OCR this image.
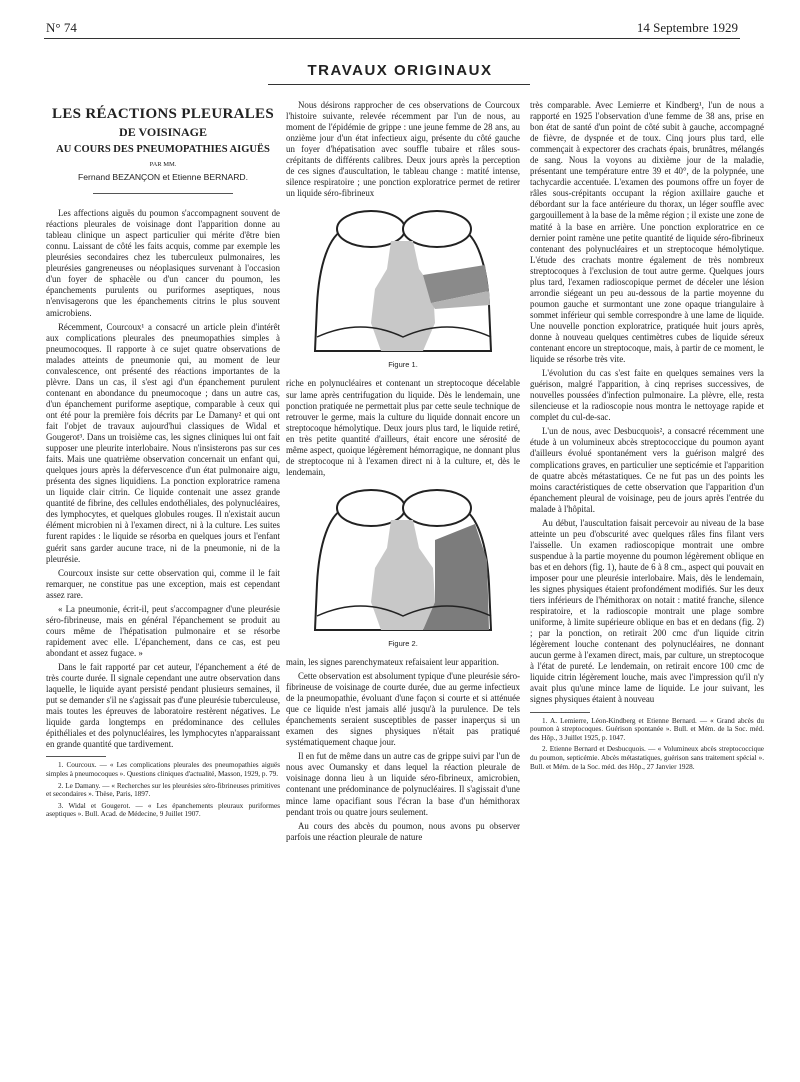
N° 74	14 Septembre 1929
TRAVAUX ORIGINAUX
LES RÉACTIONS PLEURALES
DE VOISINAGE
AU COURS DES PNEUMOPATHIES AIGUËS
PAR MM.
Fernand BEZANÇON et Etienne BERNARD.

Les affections aiguës du poumon s'accompagnent souvent de réactions pleurales de voisinage dont l'apparition donne au tableau clinique un aspect particulier qui mérite d'être bien connu. Laissant de côté les faits acquis, comme par exemple les pleurésies secondaires chez les tuberculeux pulmonaires, les pleurésies gangreneuses ou néoplasiques survenant à l'occasion d'un foyer de sphacèle ou d'un cancer du poumon, les épanchements purulents ou puriformes aseptiques, nous n'envisagerons que les épanchements citrins le plus souvent amicrobiens.

Récemment, Courcoux¹ a consacré un article plein d'intérêt aux complications pleurales des pneumopathies simples à pneumocoques. Il rapporte à ce sujet quatre observations de malades atteints de pneumonie qui, au moment de leur convalescence, ont présenté des réactions importantes de la plèvre. Dans un cas, il s'est agi d'un épanchement purulent contenant en abondance du pneumocoque ; dans un autre cas, d'un épanchement puriforme aseptique, comparable à ceux qui ont été pour la première fois décrits par Le Damany² et qui ont fait l'objet de travaux aujourd'hui classiques de Widal et Gougerot³. Dans un troisième cas, les signes cliniques lui ont fait supposer une pleurite interlobaire. Nous n'insisterons pas sur ces faits. Mais une quatrième observation concernait un enfant qui, quelques jours après la défervescence d'un état pulmonaire aigu, présenta des signes liquidiens. La ponction exploratrice ramena un liquide clair citrin. Ce liquide contenait une assez grande quantité de fibrine, des cellules endothéliales, des polynucléaires, des lymphocytes, et quelques globules rouges. Il n'existait aucun élément microbien ni à l'examen direct, ni à la culture. Les suites furent rapides : le liquide se résorba en quelques jours et l'enfant guérit sans garder aucune trace, ni de la pneumonie, ni de la pleurésie.

Courcoux insiste sur cette observation qui, comme il le fait remarquer, ne constitue pas une exception, mais est cependant assez rare.

« La pneumonie, écrit-il, peut s'accompagner d'une pleurésie séro-fibrineuse, mais en général l'épanchement se produit au cours même de l'hépatisation pulmonaire et se résorbe rapidement avec elle. L'épanchement, dans ce cas, est peu abondant et assez fugace. »

Dans le fait rapporté par cet auteur, l'épanchement a été de très courte durée. Il signale cependant une autre observation dans laquelle, le liquide ayant persisté pendant plusieurs semaines, il put se demander s'il ne s'agissait pas d'une pleurésie tuberculeuse, mais toutes les épreuves de laboratoire restèrent négatives. Le liquide garda longtemps en prédominance des cellules épithéliales et des polynucléaires, les lymphocytes n'apparaissant en grande quantité que tardivement.

1. Courcoux. — « Les complications pleurales des pneumopathies aiguës simples à pneumocoques ». Questions cliniques d'actualité, Masson, 1929, p. 79.

2. Le Damany. — « Recherches sur les pleurésies séro-fibrineuses primitives et secondaires ». Thèse, Paris, 1897.

3. Widal et Gougerot. — « Les épanchements pleuraux puriformes aseptiques ». Bull. Acad. de Médecine, 9 Juillet 1907.

Nous désirons rapprocher de ces observations de Courcoux l'histoire suivante, relevée récemment par l'un de nous, au moment de l'épidémie de grippe : une jeune femme de 28 ans, au onzième jour d'un état infectieux aigu, présente du côté gauche un foyer d'hépatisation avec souffle tubaire et râles sous-crépitants de différents calibres. Deux jours après la perception de ces signes d'auscultation, le tableau change : matité intense, silence respiratoire ; une ponction exploratrice permet de retirer un liquide séro-fibrineux

Figure 1.

riche en polynucléaires et contenant un streptocoque décelable sur lame après centrifugation du liquide. Dès le lendemain, une ponction pratiquée ne permettait plus par cette seule technique de retrouver le germe, mais la culture du liquide donnait encore un streptocoque hémolytique. Deux jours plus tard, le liquide retiré, en très petite quantité d'ailleurs, était encore une sérosité de même aspect, quoique légèrement hémorragique, ne donnant plus de streptocoque ni à l'examen direct ni à la culture, et, dès le lendemain,

Figure 2.

main, les signes parenchymateux refaisaient leur apparition.

Cette observation est absolument typique d'une pleurésie séro-fibrineuse de voisinage de courte durée, due au germe infectieux de la pneumopathie, évoluant d'une façon si courte et si atténuée que ce liquide n'est jamais allé jusqu'à la purulence. De tels épanchements seraient susceptibles de passer inaperçus si un examen des signes physiques n'était pas pratiqué systématiquement chaque jour.

Il en fut de même dans un autre cas de grippe suivi par l'un de nous avec Oumansky et dans lequel la réaction pleurale de voisinage donna lieu à un liquide séro-fibrineux, amicrobien, contenant une prédominance de polynucléaires. Il s'agissait d'une mince lame opacifiant sous l'écran la base d'un hémithorax pendant trois ou quatre jours seulement.

Au cours des abcès du poumon, nous avons pu observer parfois une réaction pleurale de nature

très comparable. Avec Lemierre et Kindberg¹, l'un de nous a rapporté en 1925 l'observation d'une femme de 38 ans, prise en bon état de santé d'un point de côté subit à gauche, accompagné de fièvre, de dyspnée et de toux. Cinq jours plus tard, elle commençait à expectorer des crachats épais, brunâtres, mélangés de sang. Nous la voyons au dixième jour de la maladie, présentant une température entre 39 et 40°, de la polypnée, une tachycardie accentuée. L'examen des poumons offre un foyer de râles sous-crépitants occupant la région axillaire gauche et débordant sur la face antérieure du thorax, un léger souffle avec gargouillement à la base de la même région ; il existe une zone de matité à la base en arrière. Une ponction exploratrice en ce dernier point ramène une petite quantité de liquide séro-fibrineux contenant des polynucléaires et un streptocoque hémolytique. L'étude des crachats montre également de très nombreux streptocoques à l'exclusion de tout autre germe. Quelques jours plus tard, l'examen radioscopique permet de déceler une lésion arrondie siégeant un peu au-dessous de la partie moyenne du poumon gauche et surmontant une zone opaque triangulaire à sommet inférieur qui semble correspondre à une lame de liquide. Une nouvelle ponction exploratrice, pratiquée huit jours après, donne à nouveau quelques centimètres cubes de liquide séreux contenant encore un streptocoque, mais, à partir de ce moment, le liquide se résorbe très vite.

L'évolution du cas s'est faite en quelques semaines vers la guérison, malgré l'apparition, à cinq reprises successives, de nouvelles poussées d'infection pulmonaire. La plèvre, elle, resta silencieuse et la radioscopie nous montra le nettoyage rapide et complet du cul-de-sac.

L'un de nous, avec Desbucquois², a consacré récemment une étude à un volumineux abcès streptococcique du poumon ayant d'ailleurs évolué spontanément vers la guérison malgré des complications graves, en particulier une septicémie et l'apparition de quatre abcès métastatiques. Ce ne fut pas un des points les moins caractéristiques de cette observation que l'apparition d'un épanchement pleural de voisinage, peu de jours après l'entrée du malade à l'hôpital.

Au début, l'auscultation faisait percevoir au niveau de la base atteinte un peu d'obscurité avec quelques râles fins filant vers l'aisselle. Un examen radioscopique montrait une ombre suspendue à la partie moyenne du poumon légèrement oblique en bas et en dehors (fig. 1), haute de 6 à 8 cm., aspect qui pouvait en imposer pour une pleurésie interlobaire. Mais, dès le lendemain, les signes physiques étaient profondément modifiés. Sur les deux tiers inférieurs de l'hémithorax on notait : matité franche, silence respiratoire, et la radioscopie montrait une plage sombre uniforme, à limite supérieure oblique en bas et en dedans (fig. 2) ; par la ponction, on retirait 200 cmc d'un liquide citrin légèrement louche contenant des polynucléaires, ne donnant aucun germe à l'examen direct, mais, par culture, un streptocoque à l'état de pureté. Le lendemain, on retirait encore 100 cmc de liquide citrin légèrement louche, mais avec l'impression qu'il n'y avait plus qu'une mince lame de liquide. Le jour suivant, les signes physiques étaient à nouveau

1. A. Lemierre, Léon-Kindberg et Etienne Bernard. — « Grand abcès du poumon à streptocoques. Guérison spontanée ». Bull. et Mém. de la Soc. méd. des Hôp., 3 Juillet 1925, p. 1047.

2. Etienne Bernard et Desbucquois. — « Volumineux abcès streptococcique du poumon, septicémie. Abcès métastatiques, guérison sans traitement spécial ». Bull. et Mém. de la Soc. méd. des Hôp., 27 Janvier 1928.
